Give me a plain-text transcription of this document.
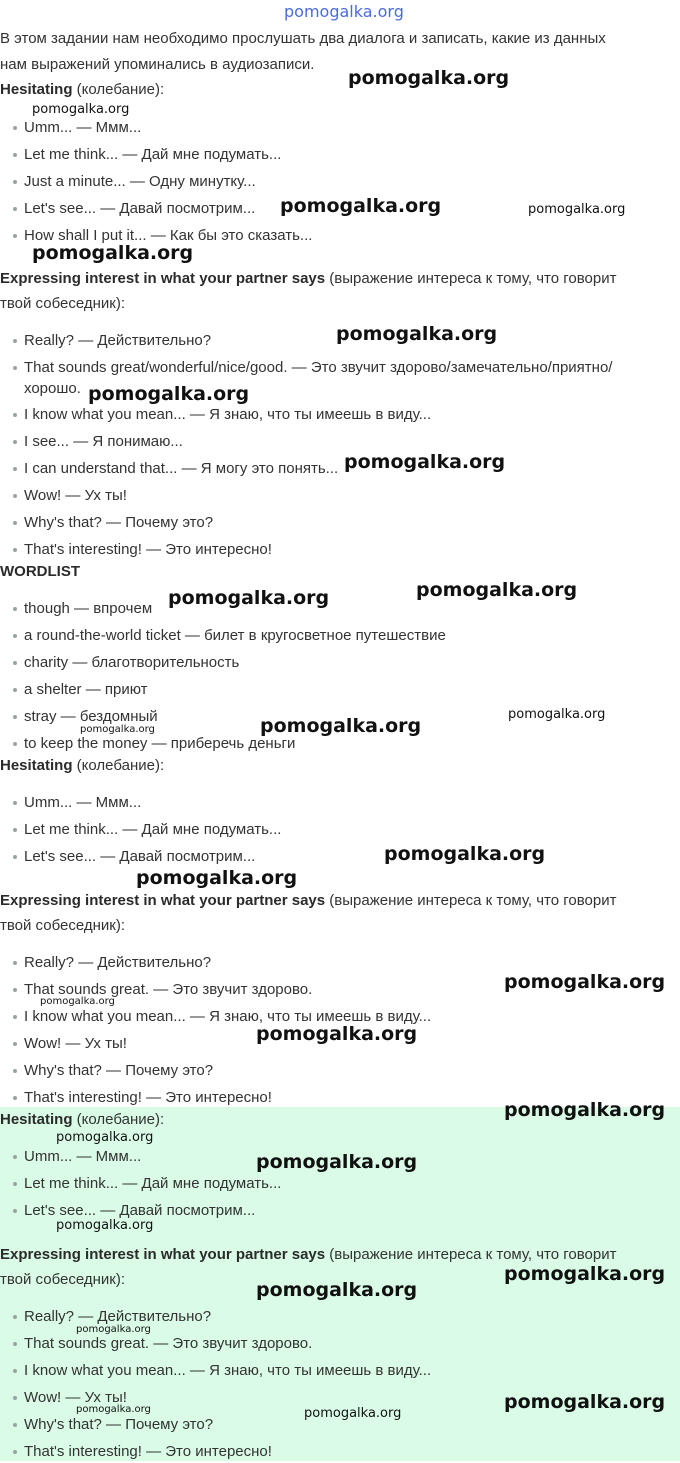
pomogalka.org
В этом задании нам необходимо прослушать два диалога и записать, какие из данных
нам выражений упоминались в аудиозаписи.
Hesitating (колебание):
Umm... — Ммм...
Let me think... — Дай мне подумать...
Just a minute... — Одну минутку...
Let's see... — Давай посмотрим...
How shall I put it... — Как бы это сказать...
Expressing interest in what your partner says (выражение интереса к тому, что говорит
твой собеседник):
Really? — Действительно?
That sounds great/wonderful/nice/good. — Это звучит здорово/замечательно/приятно/
хорошо.
I know what you mean... — Я знаю, что ты имеешь в виду...
I see... — Я понимаю...
I can understand that... — Я могу это понять...
Wow! — Ух ты!
Why's that? — Почему это?
That's interesting! — Это интересно!
WORDLIST
though — впрочем
a round-the-world ticket — билет в кругосветное путешествие
charity — благотворительность
a shelter — приют
stray — бездомный
to keep the money — приберечь деньги
Hesitating (колебание):
Umm... — Ммм...
Let me think... — Дай мне подумать...
Let's see... — Давай посмотрим...
Expressing interest in what your partner says (выражение интереса к тому, что говорит
твой собеседник):
Really? — Действительно?
That sounds great. — Это звучит здорово.
I know what you mean... — Я знаю, что ты имеешь в виду...
Wow! — Ух ты!
Why's that? — Почему это?
That's interesting! — Это интересно!
Hesitating (колебание):
Umm... — Ммм...
Let me think... — Дай мне подумать...
Let's see... — Давай посмотрим...
Expressing interest in what your partner says (выражение интереса к тому, что говорит
твой собеседник):
Really? — Действительно?
That sounds great. — Это звучит здорово.
I know what you mean... — Я знаю, что ты имеешь в виду...
Wow! — Ух ты!
Why's that? — Почему это?
That's interesting! — Это интересно!
pomogalka.org
pomogalka.org
pomogalka.org	pomogalka.org
pomogalka.org
pomogalka.org
pomogalka.org
pomogalka.org
pomogalka.org	pomogalka.org
pomogalka.org
pomogalka.org
pomogalka.org
pomogalka.org
pomogalka.org
pomogalka.org
pomogalka.org
pomogalka.org
pomogalka.org
pomogalka.org
pomogalka.org
pomogalka.org
pomogalka.org
pomogalka.org
pomogalka.org
pomogalka.org
pomogalka.org	pomogalka.org
